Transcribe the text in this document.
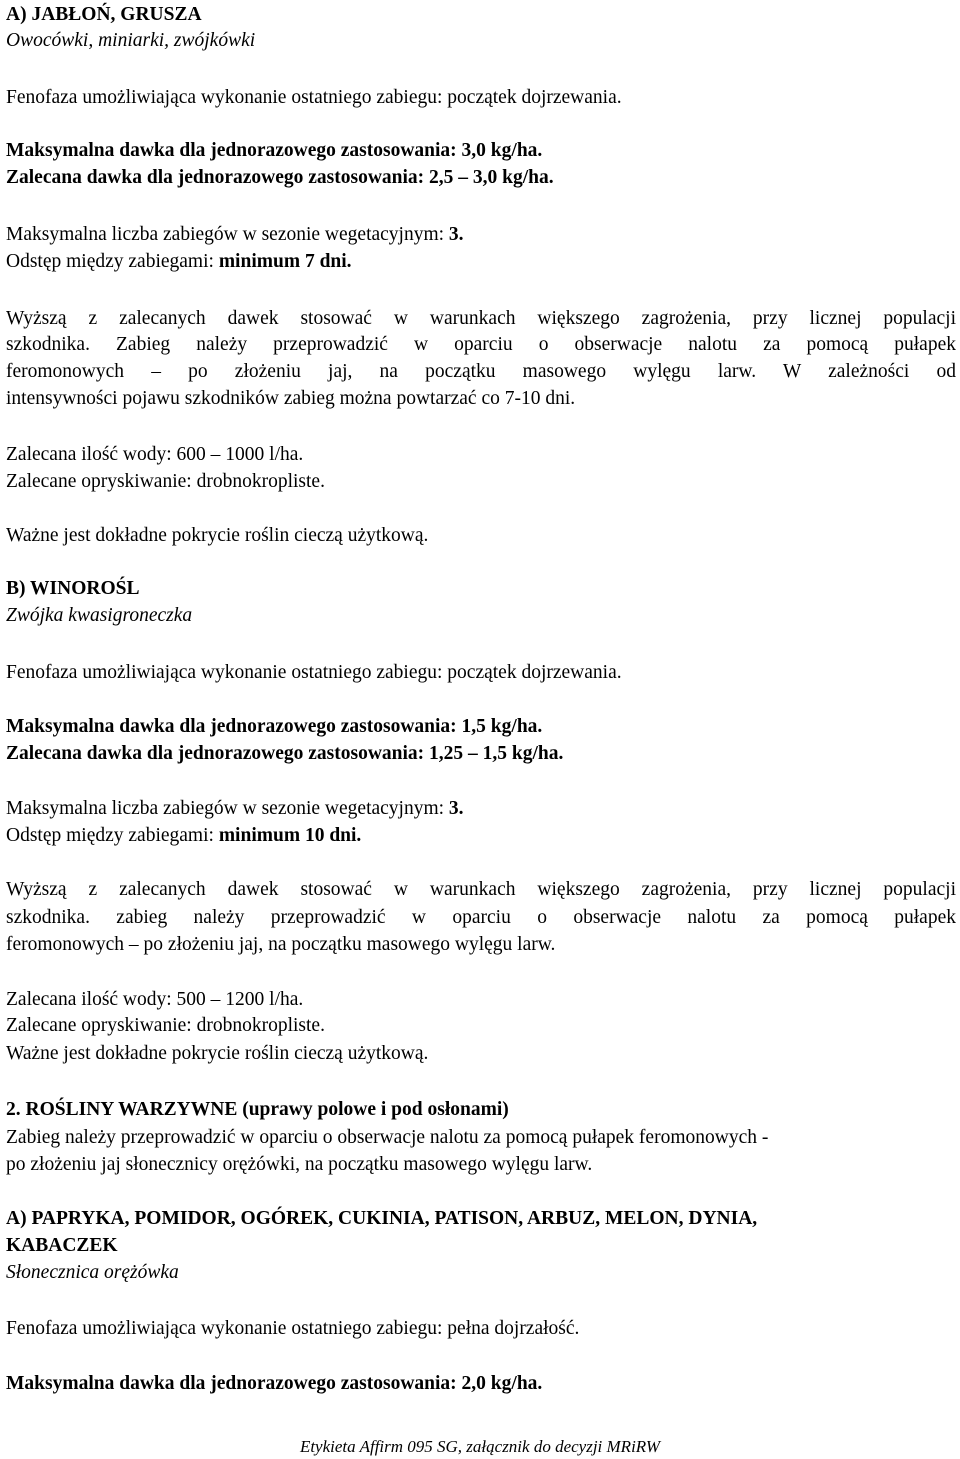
A) JABŁOŃ, GRUSZA
Owocówki, miniarki, zwójkówki
Fenofaza umożliwiająca wykonanie ostatniego zabiegu: początek dojrzewania.
Maksymalna dawka dla jednorazowego zastosowania: 3,0 kg/ha.
Zalecana dawka dla jednorazowego zastosowania: 2,5 – 3,0 kg/ha.
Maksymalna liczba zabiegów w sezonie wegetacyjnym: 3.
Odstęp między zabiegami: minimum 7 dni.
Wyższą z zalecanych dawek stosować w warunkach większego zagrożenia, przy licznej populacji
szkodnika. Zabieg należy przeprowadzić w oparciu o obserwacje nalotu za pomocą pułapek
feromonowych – po złożeniu jaj, na początku masowego wylęgu larw. W zależności od
intensywności pojawu szkodników zabieg można powtarzać co 7-10 dni.
Zalecana ilość wody: 600 – 1000 l/ha.
Zalecane opryskiwanie: drobnokropliste.
Ważne jest dokładne pokrycie roślin cieczą użytkową.
B) WINOROŚL
Zwójka kwasigroneczka
Fenofaza umożliwiająca wykonanie ostatniego zabiegu: początek dojrzewania.
Maksymalna dawka dla jednorazowego zastosowania: 1,5 kg/ha.
Zalecana dawka dla jednorazowego zastosowania: 1,25 – 1,5 kg/ha.
Maksymalna liczba zabiegów w sezonie wegetacyjnym: 3.
Odstęp między zabiegami: minimum 10 dni.
Wyższą z zalecanych dawek stosować w warunkach większego zagrożenia, przy licznej populacji
szkodnika. zabieg należy przeprowadzić w oparciu o obserwacje nalotu za pomocą pułapek
feromonowych – po złożeniu jaj, na początku masowego wylęgu larw.
Zalecana ilość wody: 500 – 1200 l/ha.
Zalecane opryskiwanie: drobnokropliste.
Ważne jest dokładne pokrycie roślin cieczą użytkową.
2. ROŚLINY WARZYWNE (uprawy polowe i pod osłonami)
Zabieg należy przeprowadzić w oparciu o obserwacje nalotu za pomocą pułapek feromonowych -
po złożeniu jaj słonecznicy orężówki, na początku masowego wylęgu larw.
A) PAPRYKA, POMIDOR, OGÓREK, CUKINIA, PATISON, ARBUZ, MELON, DYNIA,
KABACZEK
Słonecznica orężówka
Fenofaza umożliwiająca wykonanie ostatniego zabiegu: pełna dojrzałość.
Maksymalna dawka dla jednorazowego zastosowania: 2,0 kg/ha.
Etykieta Affirm 095 SG, załącznik do decyzji MRiRW
